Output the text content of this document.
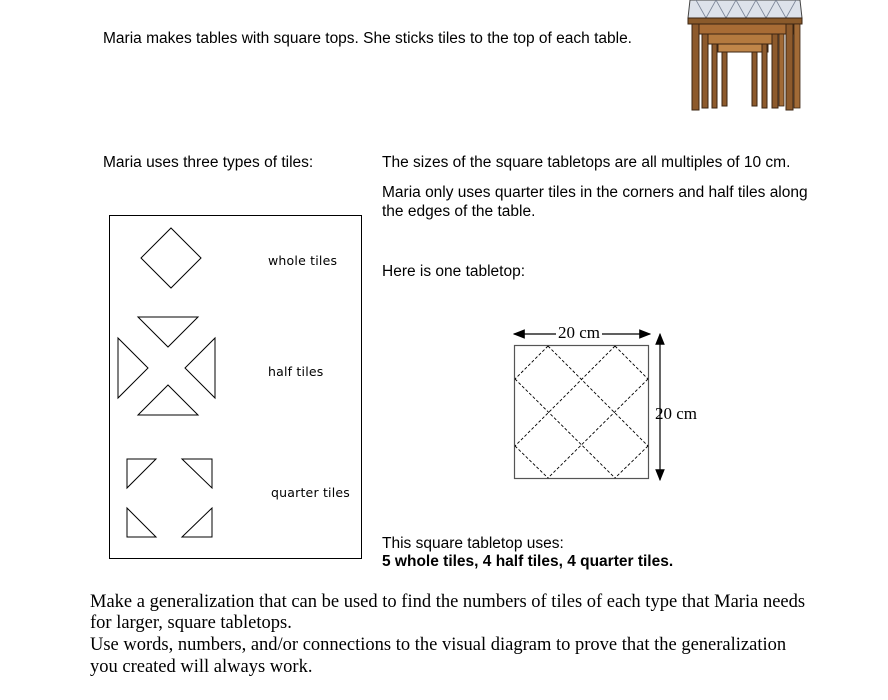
Maria makes tables with square tops. She sticks tiles to the top of each table.
Maria uses three types of tiles:	The sizes of the square tabletops are all multiples of 10 cm.
Maria only uses quarter tiles in the corners and half tiles along
the edges of the table.
Here is one tabletop:
whole tiles
half tiles
quarter tiles
20 cm
20 cm
This square tabletop uses:
5 whole tiles, 4 half tiles, 4 quarter tiles.
Make a generalization that can be used to find the numbers of tiles of each type that Maria needs
for larger, square tabletops.
Use words, numbers, and/or connections to the visual diagram to prove that the generalization
you created will always work.
